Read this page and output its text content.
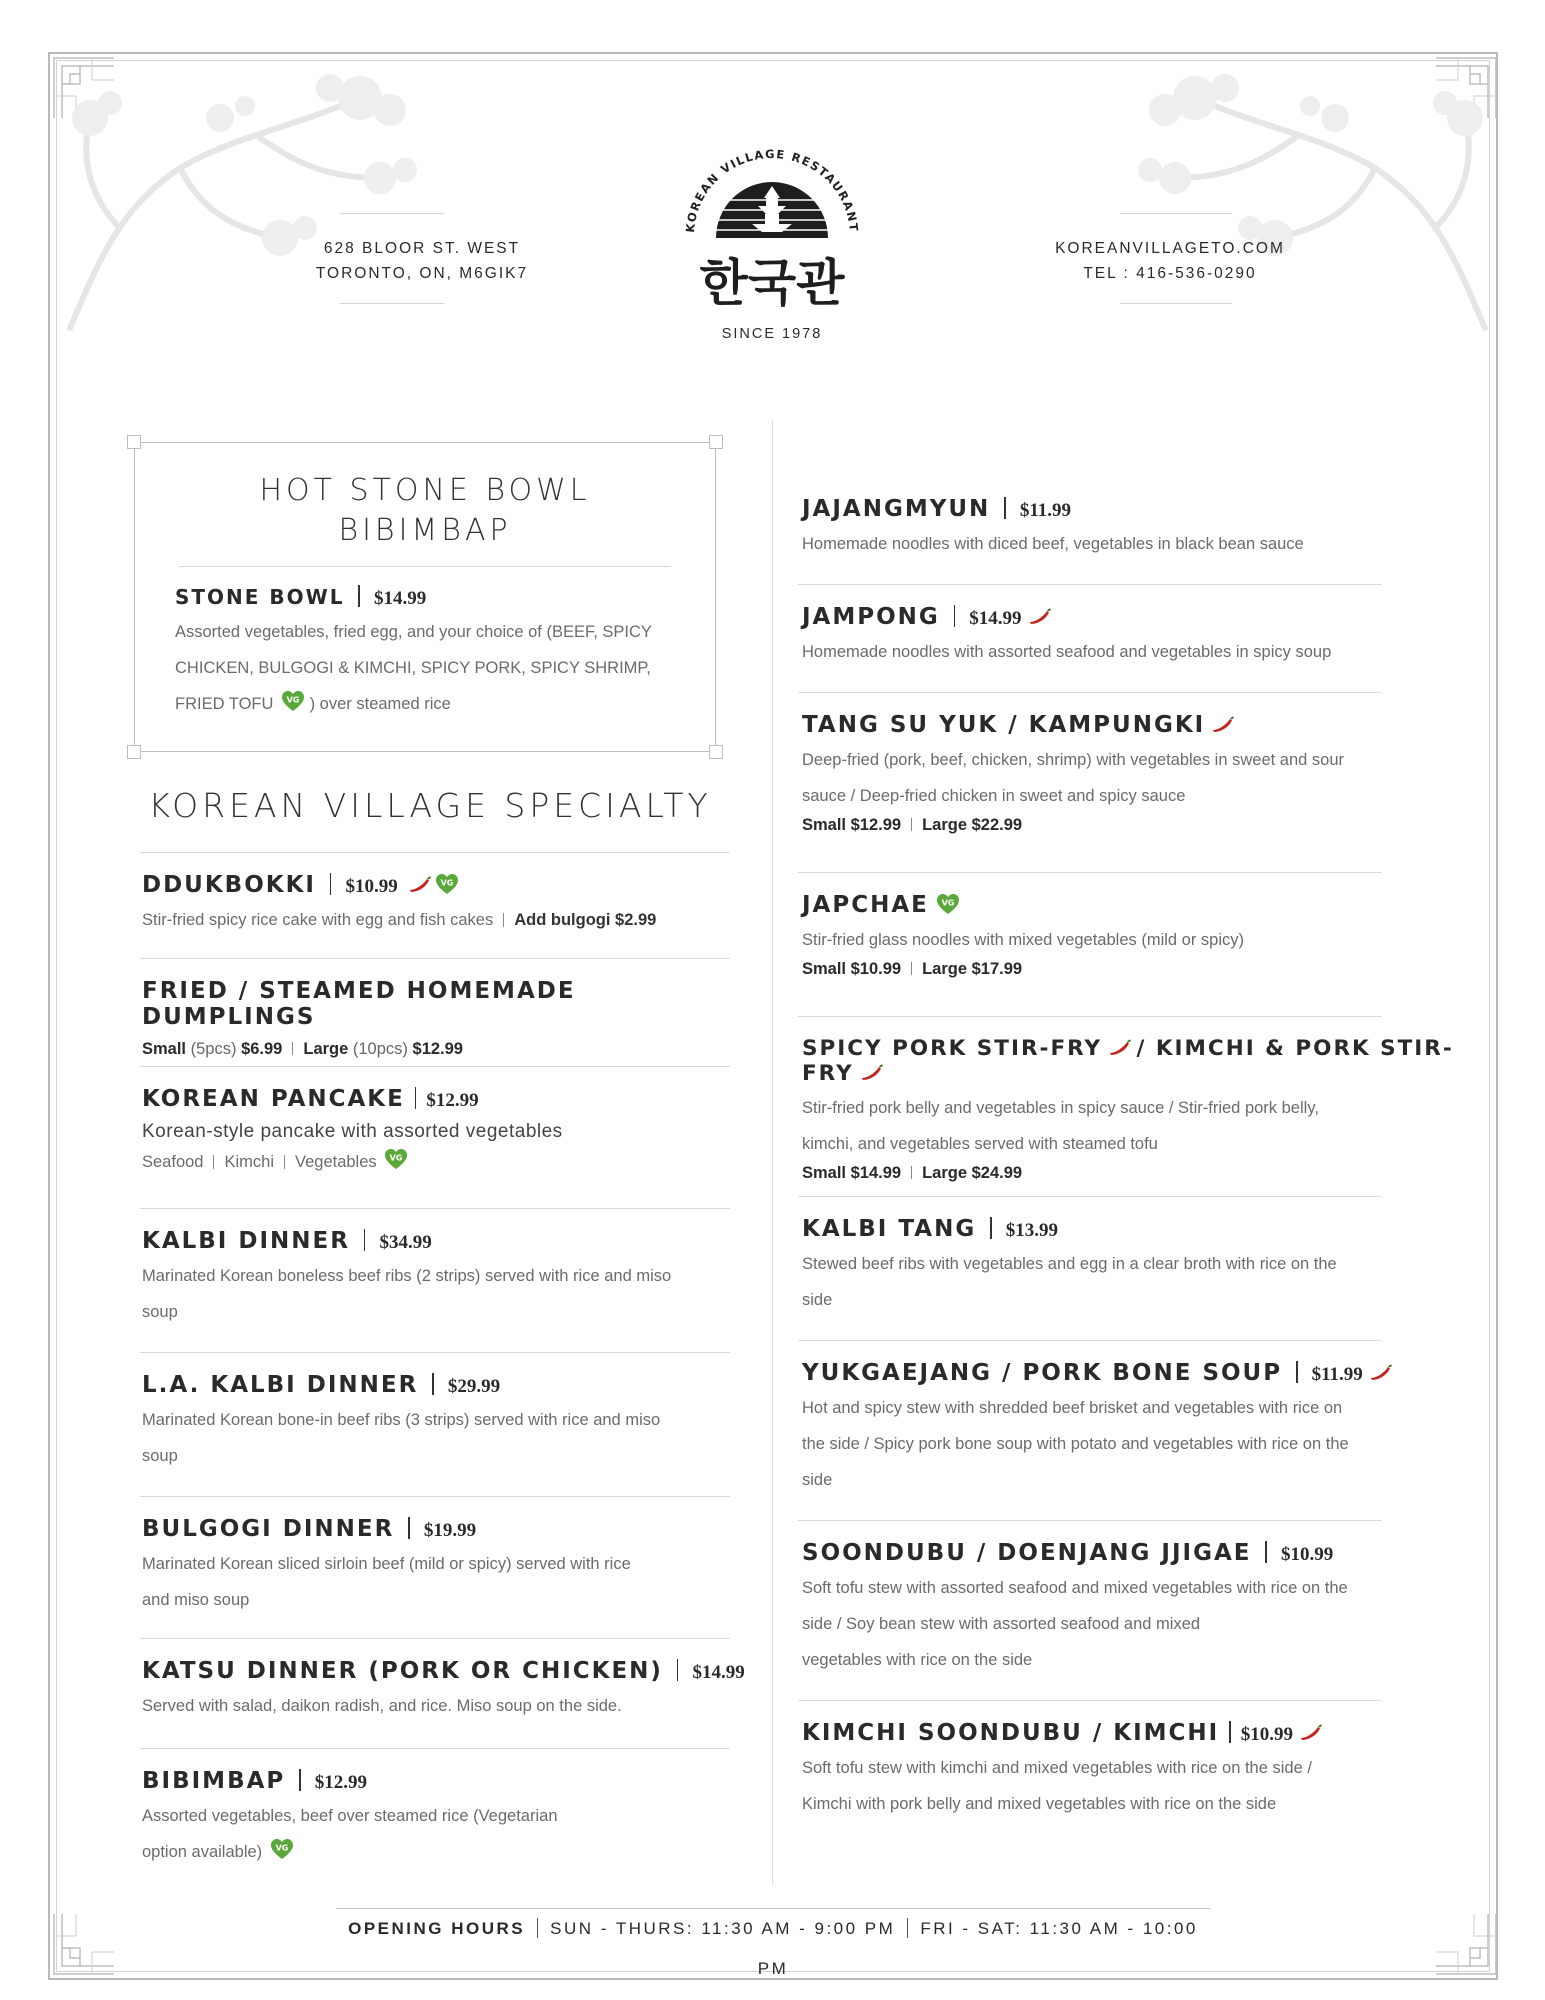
628 BLOOR ST. WEST
TORONTO, ON, M6GIK7
KOREANVILLAGETO.COM
TEL : 416-536-0290
KOREAN VILLAGE RESTAURANT
한국관
SINCE 1978
HOT STONE BOWL
BIBIMBAP
STONE BOWL $14.99
Assorted vegetables, fried egg, and your choice of (BEEF, SPICY
CHICKEN, BULGOGI & KIMCHI, SPICY PORK, SPICY SHRIMP,
FRIED TOFU ) over steamed rice
KOREAN VILLAGE SPECIALTY
DDUKBOKKI $10.99
Stir-fried spicy rice cake with egg and fish cakes Add bulgogi $2.99
FRIED / STEAMED HOMEMADE DUMPLINGS
Small (5pcs) $6.99 Large (10pcs) $12.99
KOREAN PANCAKE $12.99
Korean-style pancake with assorted vegetables
Seafood Kimchi Vegetables
KALBI DINNER $34.99
Marinated Korean boneless beef ribs (2 strips) served with rice and miso
soup
L.A. KALBI DINNER $29.99
Marinated Korean bone-in beef ribs (3 strips) served with rice and miso
soup
BULGOGI DINNER $19.99
Marinated Korean sliced sirloin beef (mild or spicy) served with rice
and miso soup
KATSU DINNER (PORK OR CHICKEN) $14.99
Served with salad, daikon radish, and rice. Miso soup on the side.
BIBIMBAP $12.99
Assorted vegetables, beef over steamed rice (Vegetarian
option available)
JAJANGMYUN $11.99
Homemade noodles with diced beef, vegetables in black bean sauce
JAMPONG $14.99
Homemade noodles with assorted seafood and vegetables in spicy soup
TANG SU YUK / KAMPUNGKI
Deep-fried (pork, beef, chicken, shrimp) with vegetables in sweet and sour
sauce / Deep-fried chicken in sweet and spicy sauce
Small $12.99 Large $22.99
JAPCHAE
Stir-fried glass noodles with mixed vegetables (mild or spicy)
Small $10.99 Large $17.99
SPICY PORK STIR-FRY / KIMCHI & PORK STIR-FRY
Stir-fried pork belly and vegetables in spicy sauce / Stir-fried pork belly,
kimchi, and vegetables served with steamed tofu
Small $14.99 Large $24.99
KALBI TANG $13.99
Stewed beef ribs with vegetables and egg in a clear broth with rice on the
side
YUKGAEJANG / PORK BONE SOUP $11.99
Hot and spicy stew with shredded beef brisket and vegetables with rice on
the side / Spicy pork bone soup with potato and vegetables with rice on the
side
SOONDUBU / DOENJANG JJIGAE $10.99
Soft tofu stew with assorted seafood and mixed vegetables with rice on the
side / Soy bean stew with assorted seafood and mixed
vegetables with rice on the side
KIMCHI SOONDUBU / KIMCHI $10.99
Soft tofu stew with kimchi and mixed vegetables with rice on the side /
Kimchi with pork belly and mixed vegetables with rice on the side
OPENING HOURS SUN - THURS: 11:30 AM - 9:00 PM FRI - SAT: 11:30 AM - 10:00 PM
